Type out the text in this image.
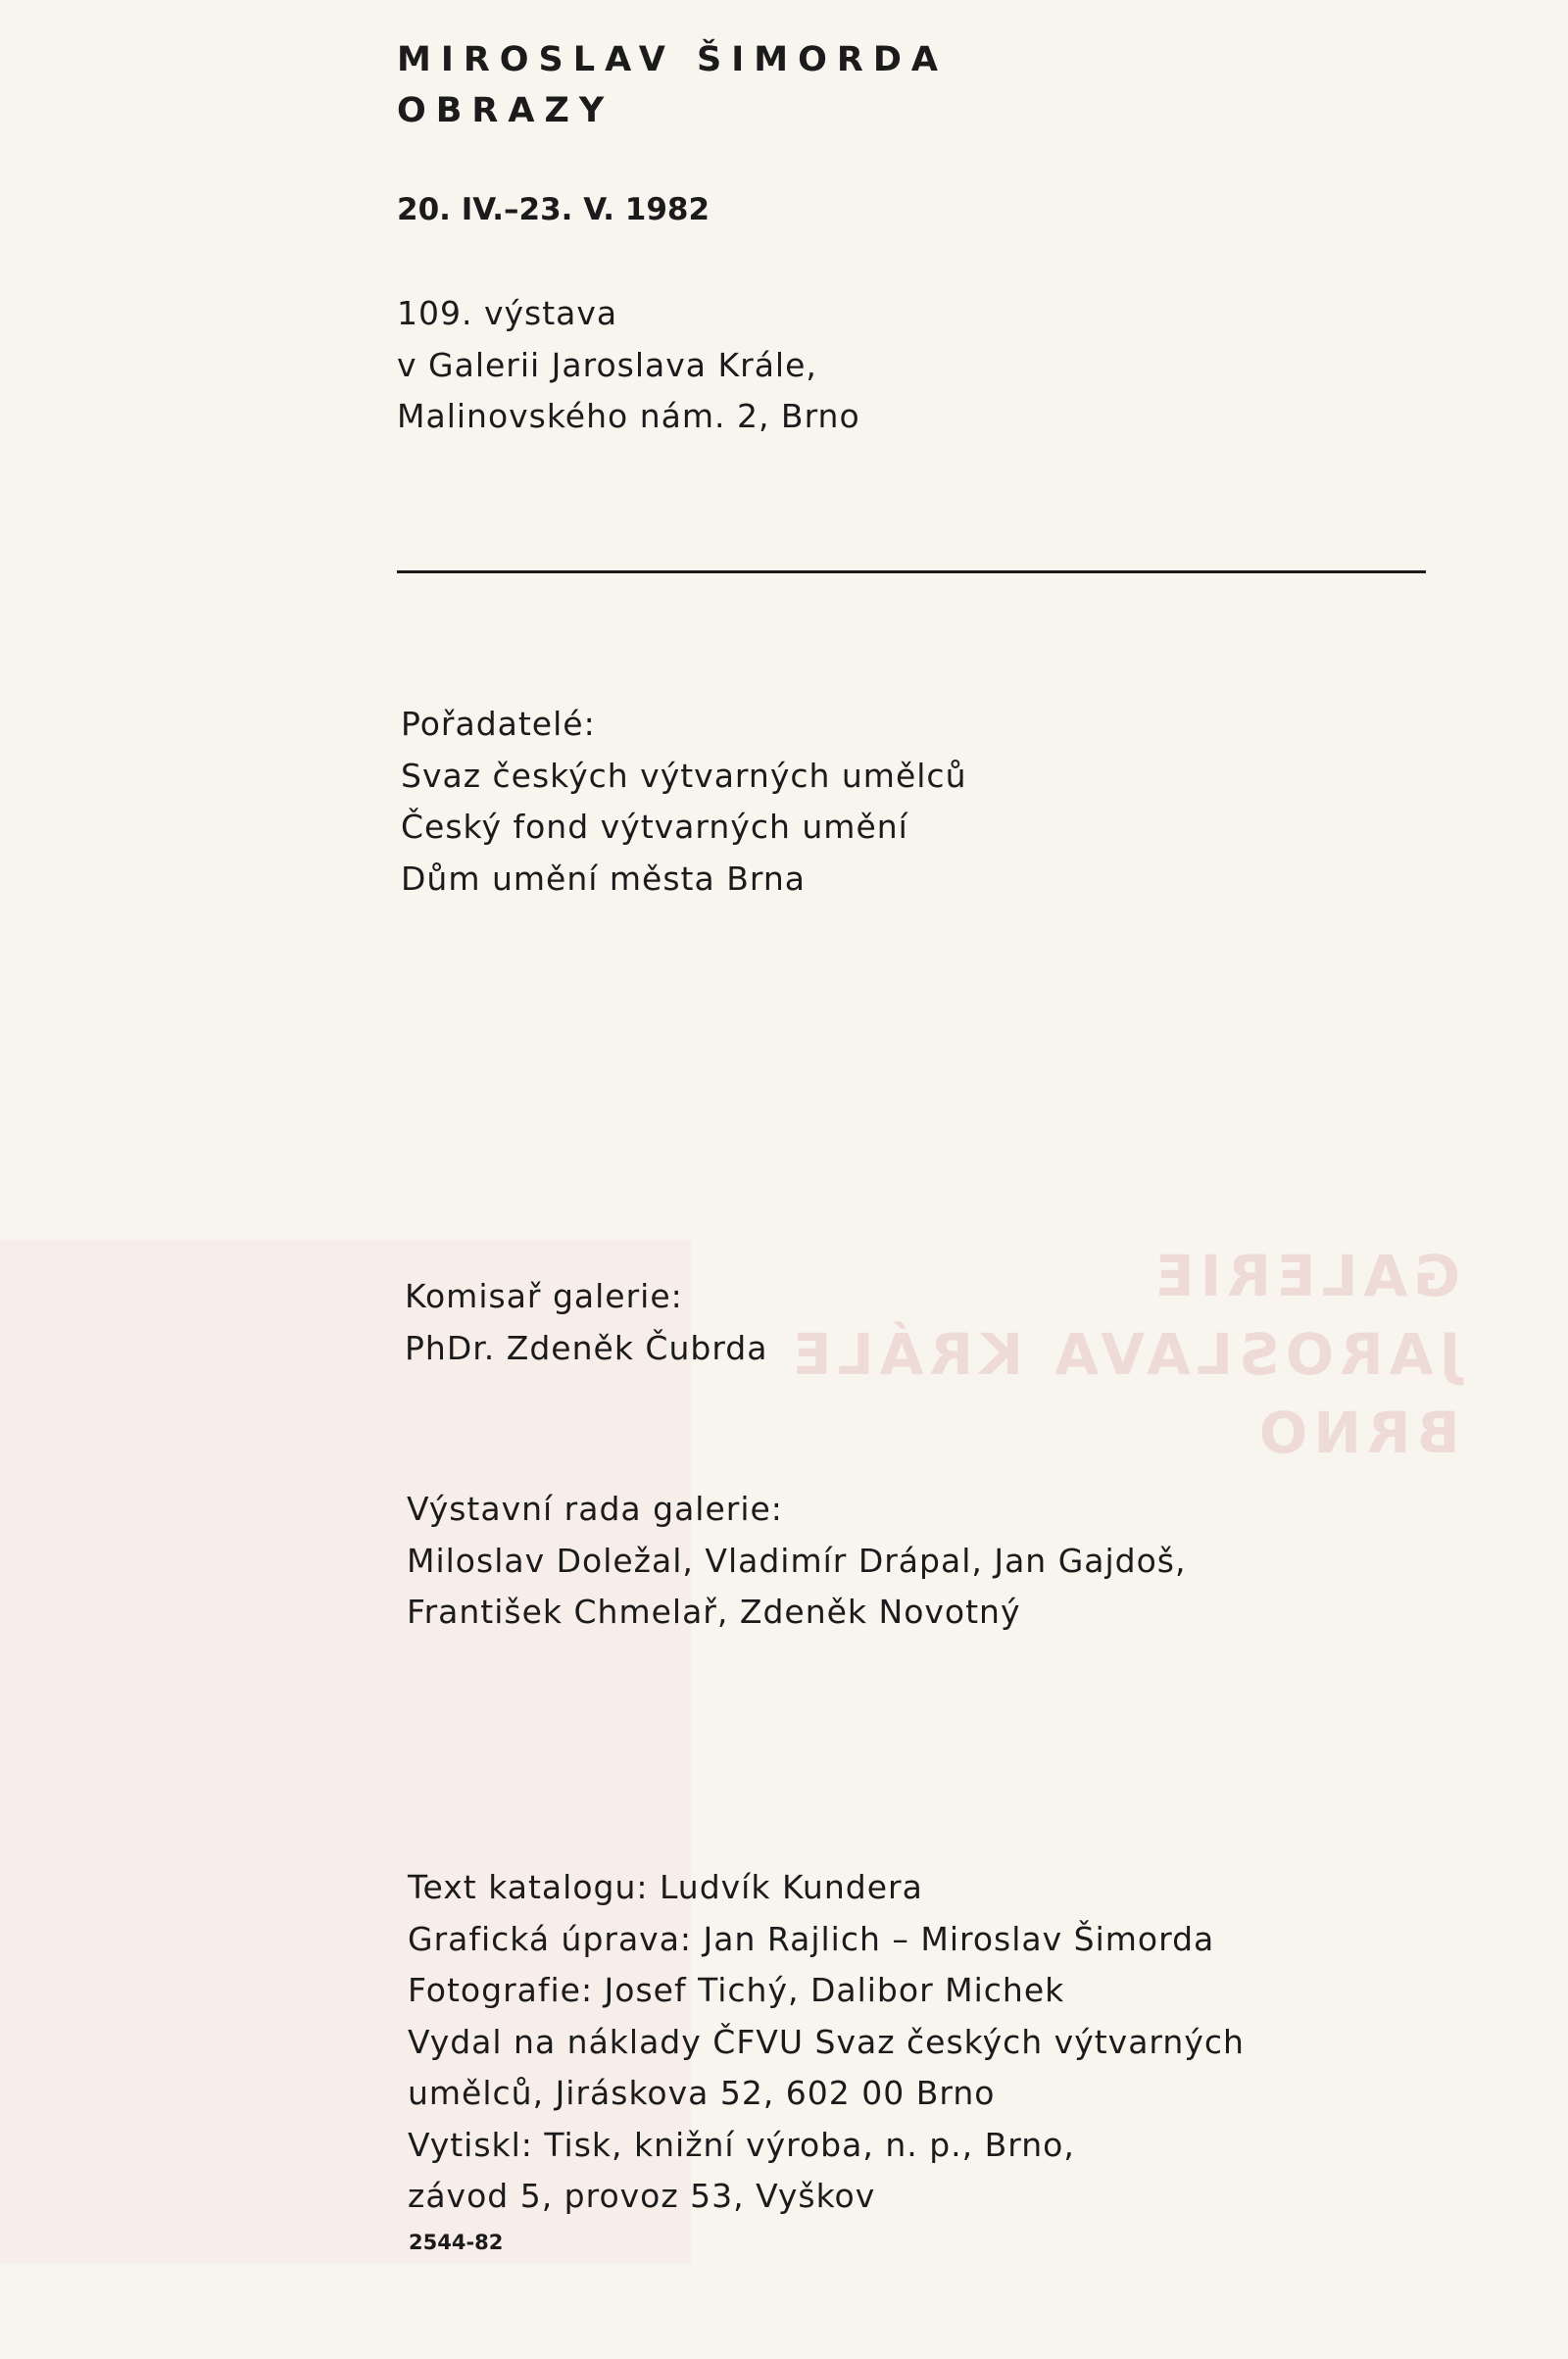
GALERIE
JAROSLAVA KRÁLE
BRNO
MIROSLAV ŠIMORDA
OBRAZY
20. IV.–23. V. 1982
109. výstava
v Galerii Jaroslava Krále,
Malinovského nám. 2, Brno
Pořadatelé:
Svaz českých výtvarných umělců
Český fond výtvarných umění
Dům umění města Brna
Komisař galerie:
PhDr. Zdeněk Čubrda
Výstavní rada galerie:
Miloslav Doležal, Vladimír Drápal, Jan Gajdoš,
František Chmelař, Zdeněk Novotný
Text katalogu: Ludvík Kundera
Grafická úprava: Jan Rajlich – Miroslav Šimorda
Fotografie: Josef Tichý, Dalibor Michek
Vydal na náklady ČFVU Svaz českých výtvarných
umělců, Jiráskova 52, 602 00 Brno
Vytiskl: Tisk, knižní výroba, n. p., Brno,
závod 5, provoz 53, Vyškov
2544-82
